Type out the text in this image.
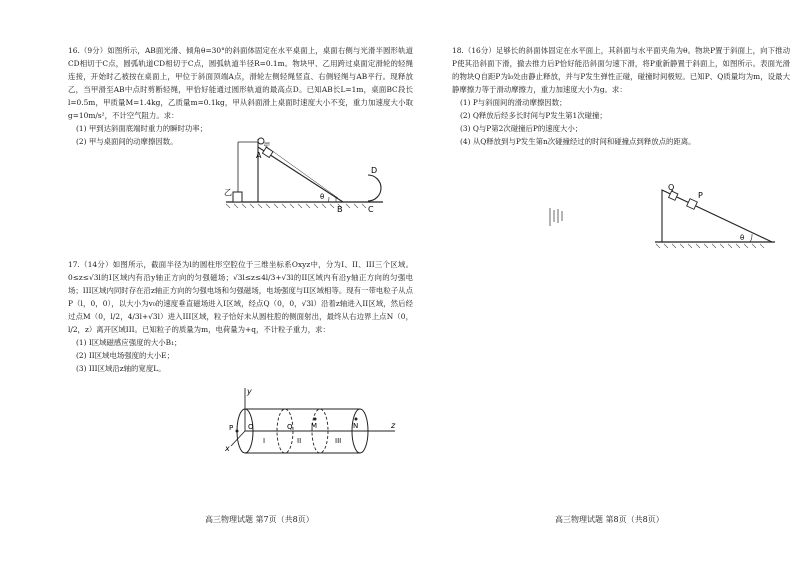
16.（9分）如图所示，AB面光滑、倾角θ=30°的斜面体固定在水平桌面上，桌面右侧与光滑半圆形轨道CD相切于C点，圆弧轨道CD相切于C点，圆弧轨道半径R=0.1m。物块甲、乙用跨过桌面定滑轮的轻绳连接，开始时乙被按在桌面上，甲位于斜面顶端A点，滑轮左侧轻绳竖直、右侧轻绳与AB平行。现释放乙，当甲滑至AB中点时剪断轻绳，甲恰好能通过圆形轨道的最高点D。已知AB长L=1m，桌面BC段长l=0.5m，甲质量M=1.4kg，乙质量m=0.1kg，甲从斜面滑上桌面时速度大小不变，重力加速度大小取g=10m/s²，不计空气阻力。求：

(1) 甲到达斜面底端时重力的瞬时功率；

(2) 甲与桌面间的动摩擦因数。

A
甲
乙
B	C
D
θ

17.（14分）如图所示，截面半径为l的圆柱形空腔位于三维坐标系Oxyz中，分为I、II、III三个区域。0≤z≤√3l的I区域内有沿y轴正方向的匀强磁场；√3l≤z≤4l/3+√3l的II区域内有沿y轴正方向的匀强电场；III区域内同时存在沿z轴正方向的匀强电场和匀强磁场，电场强度与II区域相等。现有一带电粒子从点P（l，0，0），以大小为v₀的速度垂直磁场进入I区域，经点Q（0，0，√3l）沿着z轴进入II区域，然后经过点M（0，l/2，4/3l+√3l）进入III区域，粒子恰好未从圆柱腔的侧面射出，最终从右边界上点N（0，l/2，z）离开区域III。已知粒子的质量为m，电荷量为+q，不计粒子重力，求：

(1) I区域磁感应强度的大小B₁；

(2) II区域电场强度的大小E；

(3) III区域沿z轴的宽度L。

y
z
x
O
P	Q	M	N
I	II	III
高三物理试题 第7页（共8页）

18.（16分）足够长的斜面体固定在水平面上，其斜面与水平面夹角为θ。物块P置于斜面上，向下推动P使其沿斜面下滑，撤去推力后P恰好能沿斜面匀速下滑，将P重新静置于斜面上，如图所示。表面光滑的物块Q自距P为l₀处由静止释放，并与P发生弹性正碰，碰撞时间极短。已知P、Q质量均为m，设最大静摩擦力等于滑动摩擦力，重力加速度大小为g。求：

(1) P与斜面间的滑动摩擦因数；

(2) Q释放后经多长时间与P发生第1次碰撞；

(3) Q与P第2次碰撞后P的速度大小；

(4) 从Q释放到与P发生第n次碰撞经过的时间和碰撞点到释放点的距离。

Q
P
θ
高三物理试题 第8页（共8页）
